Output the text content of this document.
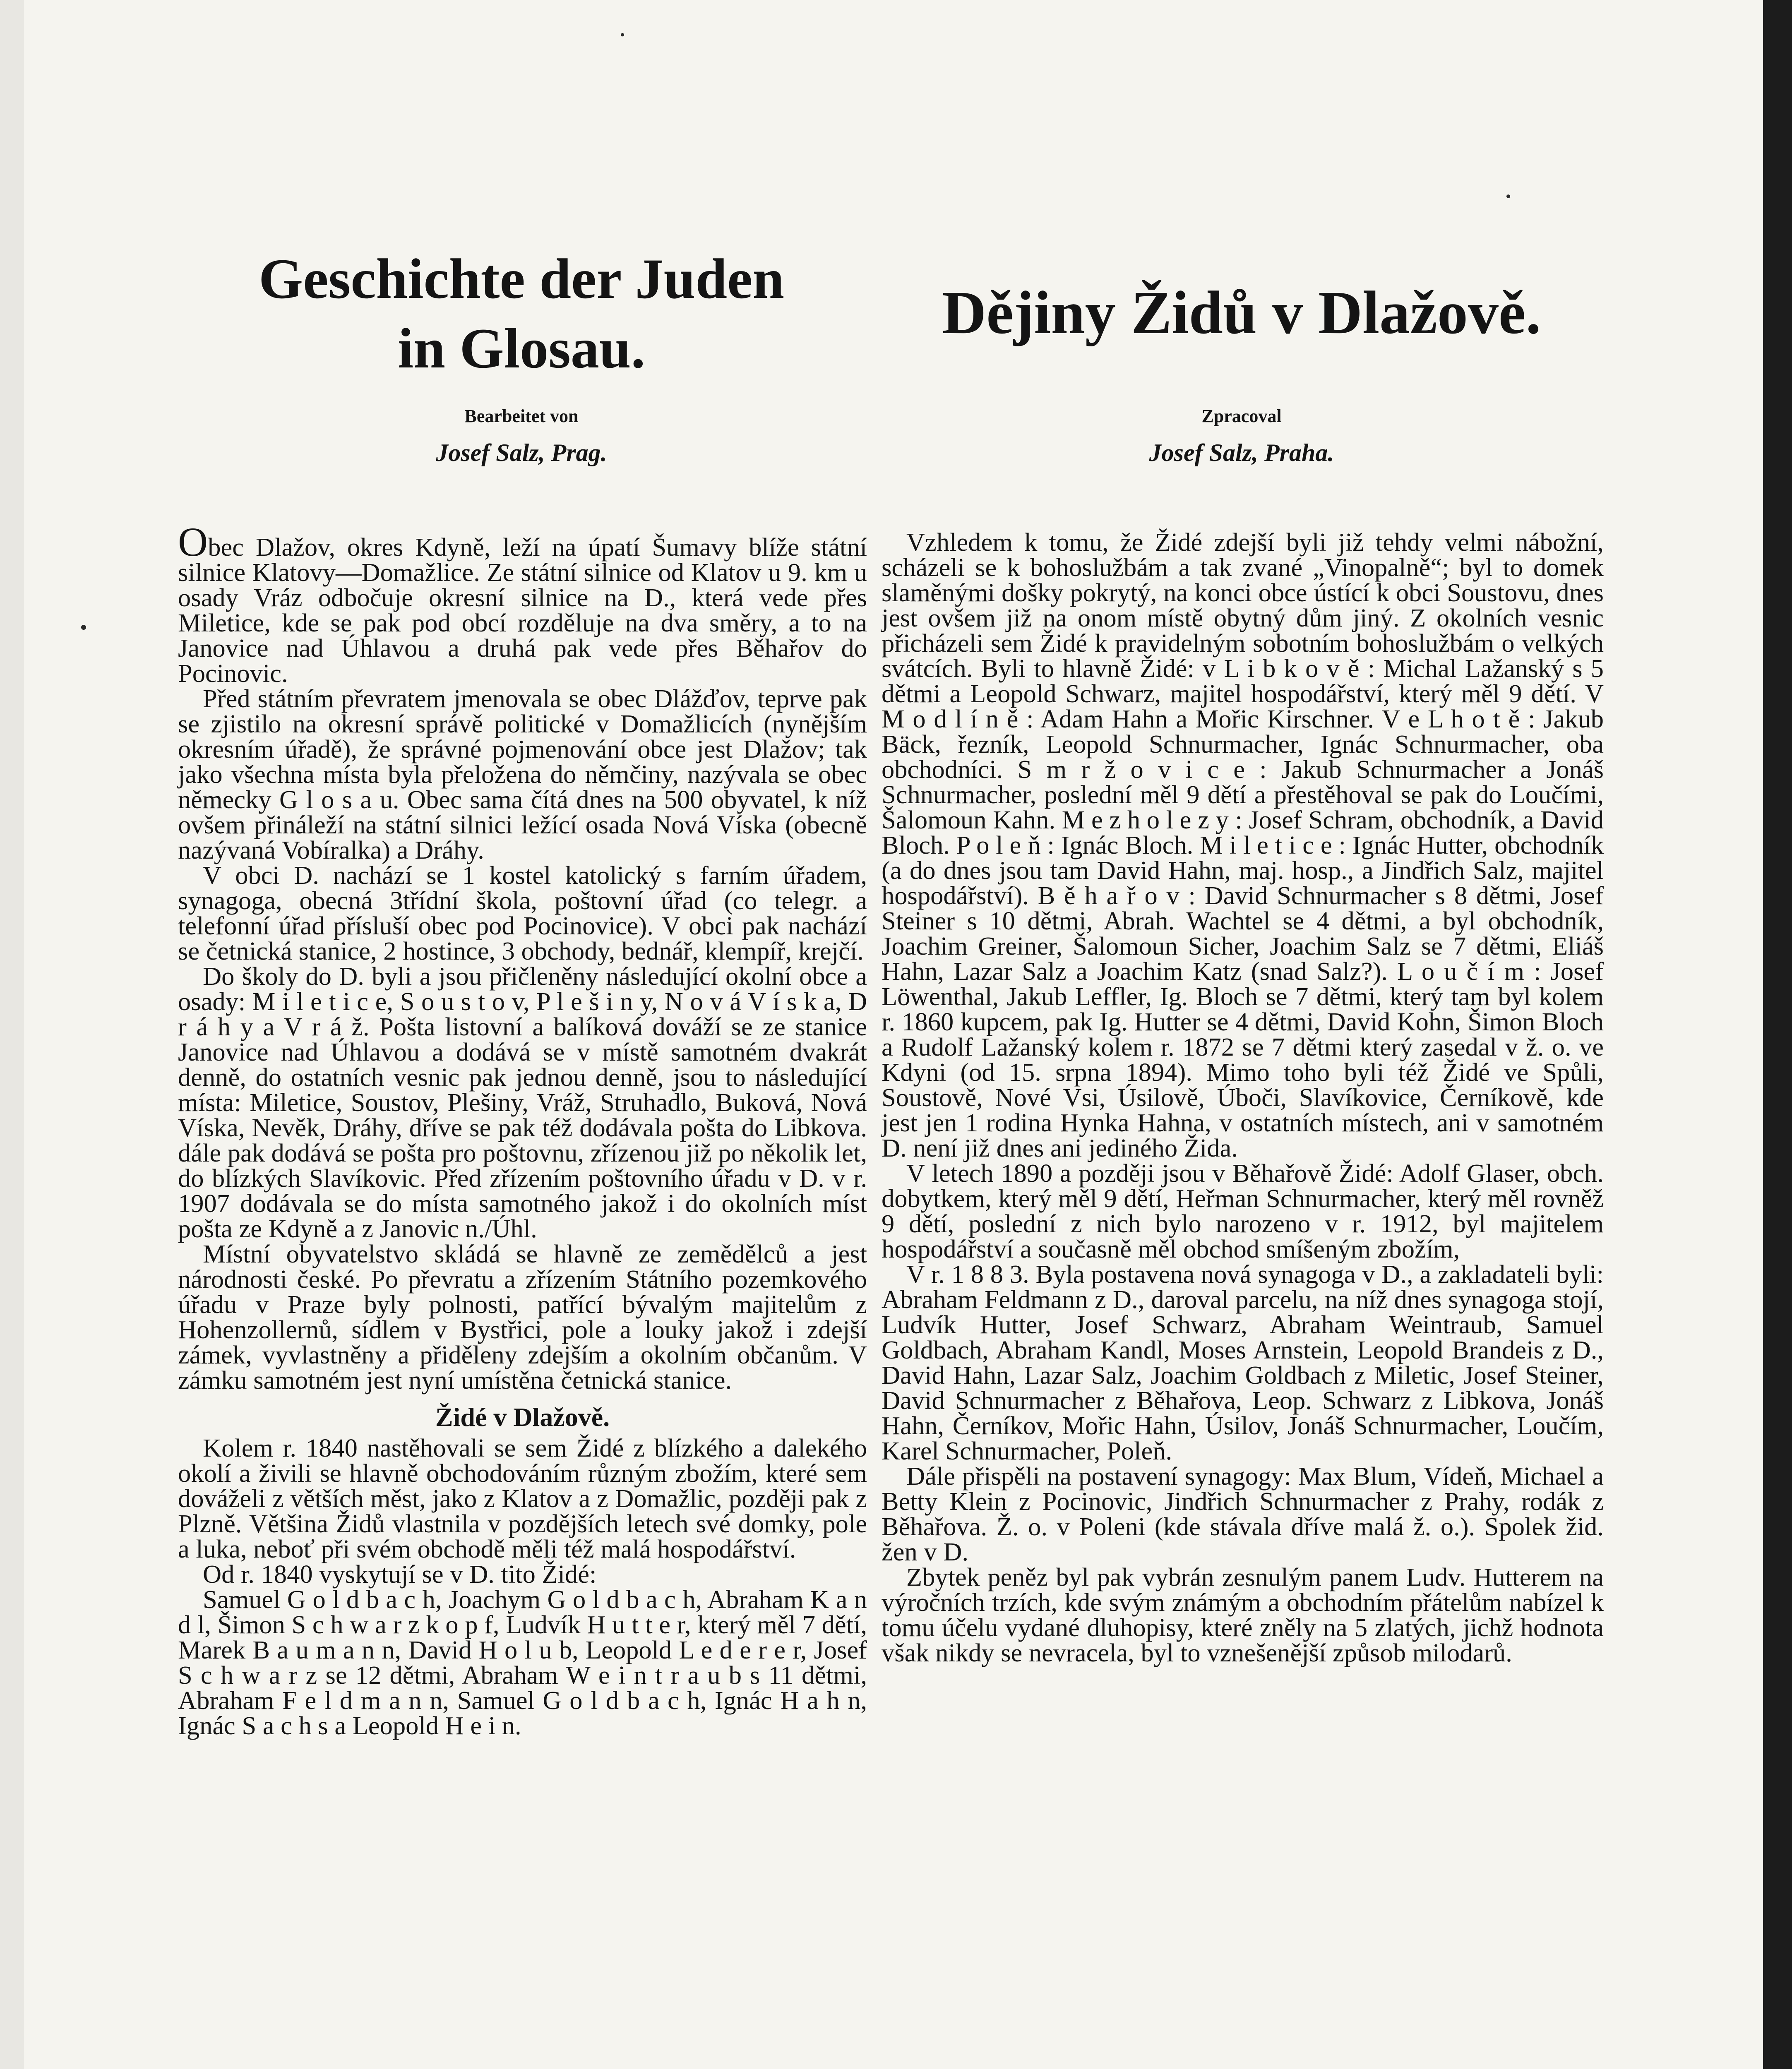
Geschichte der Juden
in Glosau.
Dějiny Židů v Dlažově.
Bearbeitet von
Josef Salz, Prag.
Zpracoval
Josef Salz, Praha.

Obec Dlažov, okres Kdyně, leží na úpatí Šumavy blíže státní silnice Klatovy—Domažlice. Ze státní silnice od Klatov u 9. km u osady Vráz odbočuje okresní silnice na D., která vede přes Miletice, kde se pak pod obcí rozděluje na dva směry, a to na Janovice nad Úhlavou a druhá pak vede přes Běhařov do Pocinovic.

Před státním převratem jmenovala se obec Dlážďov, teprve pak se zjistilo na okresní správě politické v Domažlicích (nynějším okresním úřadě), že správné pojmenování obce jest Dlažov; tak jako všechna místa byla přeložena do němčiny, nazývala se obec německy G l o s a u. Obec sama čítá dnes na 500 obyvatel, k níž ovšem přináleží na státní silnici ležící osada Nová Víska (obecně nazývaná Vobíralka) a Dráhy.

V obci D. nachází se 1 kostel katolický s farním úřadem, synagoga, obecná 3třídní škola, poštovní úřad (co telegr. a telefonní úřad přísluší obec pod Pocinovice). V obci pak nachází se četnická stanice, 2 hostince, 3 obchody, bednář, klempíř, krejčí.

Do školy do D. byli a jsou přičleněny následující okolní obce a osady: M i l e t i c e, S o u s t o v, P l e š i n y, N o v á V í s k a, D r á h y a V r á ž. Pošta listovní a balíková dováží se ze stanice Janovice nad Úhlavou a dodává se v místě samotném dvakrát denně, do ostatních vesnic pak jednou denně, jsou to následující místa: Miletice, Soustov, Plešiny, Vráž, Struhadlo, Buková, Nová Víska, Nevěk, Dráhy, dříve se pak též dodávala pošta do Libkova. dále pak dodává se pošta pro poštovnu, zřízenou již po několik let, do blízkých Slavíkovic. Před zřízením poštovního úřadu v D. v r. 1907 dodávala se do místa samotného jakož i do okolních míst pošta ze Kdyně a z Janovic n./Úhl.

Místní obyvatelstvo skládá se hlavně ze zemědělců a jest národnosti české. Po převratu a zřízením Státního pozemkového úřadu v Praze byly polnosti, patřící bývalým majitelům z Hohenzollernů, sídlem v Bystřici, pole a louky jakož i zdejší zámek, vyvlastněny a přiděleny zdejším a okolním občanům. V zámku samotném jest nyní umístěna četnická stanice.

Židé v Dlažově.

Kolem r. 1840 nastěhovali se sem Židé z blízkého a dalekého okolí a živili se hlavně obchodováním různým zbožím, které sem dováželi z větších měst, jako z Klatov a z Domažlic, později pak z Plzně. Většina Židů vlastnila v pozdějších letech své domky, pole a luka, neboť při svém obchodě měli též malá hospodářství.

Od r. 1840 vyskytují se v D. tito Židé:

Samuel G o l d b a c h, Joachym G o l d b a c h, Abraham K a n d l, Šimon S c h w a r z k o p f, Ludvík H u t t e r, který měl 7 dětí, Marek B a u m a n n, David H o l u b, Leopold L e d e r e r, Josef S c h w a r z se 12 dětmi, Abraham W e i n t r a u b s 11 dětmi, Abraham F e l d m a n n, Samuel G o l d b a c h, Ignác H a h n, Ignác S a c h s a Leopold H e i n.

Vzhledem k tomu, že Židé zdejší byli již tehdy velmi nábožní, scházeli se k bohoslužbám a tak zvané „Vinopalně“; byl to domek slaměnými došky pokrytý, na konci obce ústící k obci Soustovu, dnes jest ovšem již na onom místě obytný dům jiný. Z okolních vesnic přicházeli sem Židé k pravidelným sobotním bohoslužbám o velkých svátcích. Byli to hlavně Židé: v L i b k o v ě : Michal Lažanský s 5 dětmi a Leopold Schwarz, majitel hospodářství, který měl 9 dětí. V M o d l í n ě : Adam Hahn a Mořic Kirschner. V e L h o t ě : Jakub Bäck, řezník, Leopold Schnurmacher, Ignác Schnurmacher, oba obchodníci. S m r ž o v i c e : Jakub Schnurmacher a Jonáš Schnurmacher, poslední měl 9 dětí a přestěhoval se pak do Loučími, Šalomoun Kahn. M e z h o l e z y : Josef Schram, obchodník, a David Bloch. P o l e ň : Ignác Bloch. M i l e t i c e : Ignác Hutter, obchodník (a do dnes jsou tam David Hahn, maj. hosp., a Jindřich Salz, majitel hospodářství). B ě h a ř o v : David Schnurmacher s 8 dětmi, Josef Steiner s 10 dětmi, Abrah. Wachtel se 4 dětmi, a byl obchodník, Joachim Greiner, Šalomoun Sicher, Joachim Salz se 7 dětmi, Eliáš Hahn, Lazar Salz a Joachim Katz (snad Salz?). L o u č í m : Josef Löwenthal, Jakub Leffler, Ig. Bloch se 7 dětmi, který tam byl kolem r. 1860 kupcem, pak Ig. Hutter se 4 dětmi, David Kohn, Šimon Bloch a Rudolf Lažanský kolem r. 1872 se 7 dětmi který zasedal v ž. o. ve Kdyni (od 15. srpna 1894). Mimo toho byli též Židé ve Spůli, Soustově, Nové Vsi, Úsilově, Úboči, Slavíkovice, Černíkově, kde jest jen 1 rodina Hynka Hahna, v ostatních místech, ani v samotném D. není již dnes ani jediného Žida.

V letech 1890 a později jsou v Běhařově Židé: Adolf Glaser, obch. dobytkem, který měl 9 dětí, Heřman Schnurmacher, který měl rovněž 9 dětí, poslední z nich bylo narozeno v r. 1912, byl majitelem hospodářství a současně měl obchod smíšeným zbožím,

V r. 1 8 8 3. Byla postavena nová synagoga v D., a zakladateli byli: Abraham Feldmann z D., daroval parcelu, na níž dnes synagoga stojí, Ludvík Hutter, Josef Schwarz, Abraham Weintraub, Samuel Goldbach, Abraham Kandl, Moses Arnstein, Leopold Brandeis z D., David Hahn, Lazar Salz, Joachim Goldbach z Miletic, Josef Steiner, David Schnurmacher z Běhařova, Leop. Schwarz z Libkova, Jonáš Hahn, Černíkov, Mořic Hahn, Úsilov, Jonáš Schnurmacher, Loučím, Karel Schnurmacher, Poleň.

Dále přispěli na postavení synagogy: Max Blum, Vídeň, Michael a Betty Klein z Pocinovic, Jindřich Schnurmacher z Prahy, rodák z Běhařova. Ž. o. v Poleni (kde stávala dříve malá ž. o.). Spolek žid. žen v D.

Zbytek peněz byl pak vybrán zesnulým panem Ludv. Hutterem na výročních trzích, kde svým známým a obchodním přátelům nabízel k tomu účelu vydané dluhopisy, které zněly na 5 zlatých, jichž hodnota však nikdy se nevracela, byl to vznešenější způsob milodarů.
